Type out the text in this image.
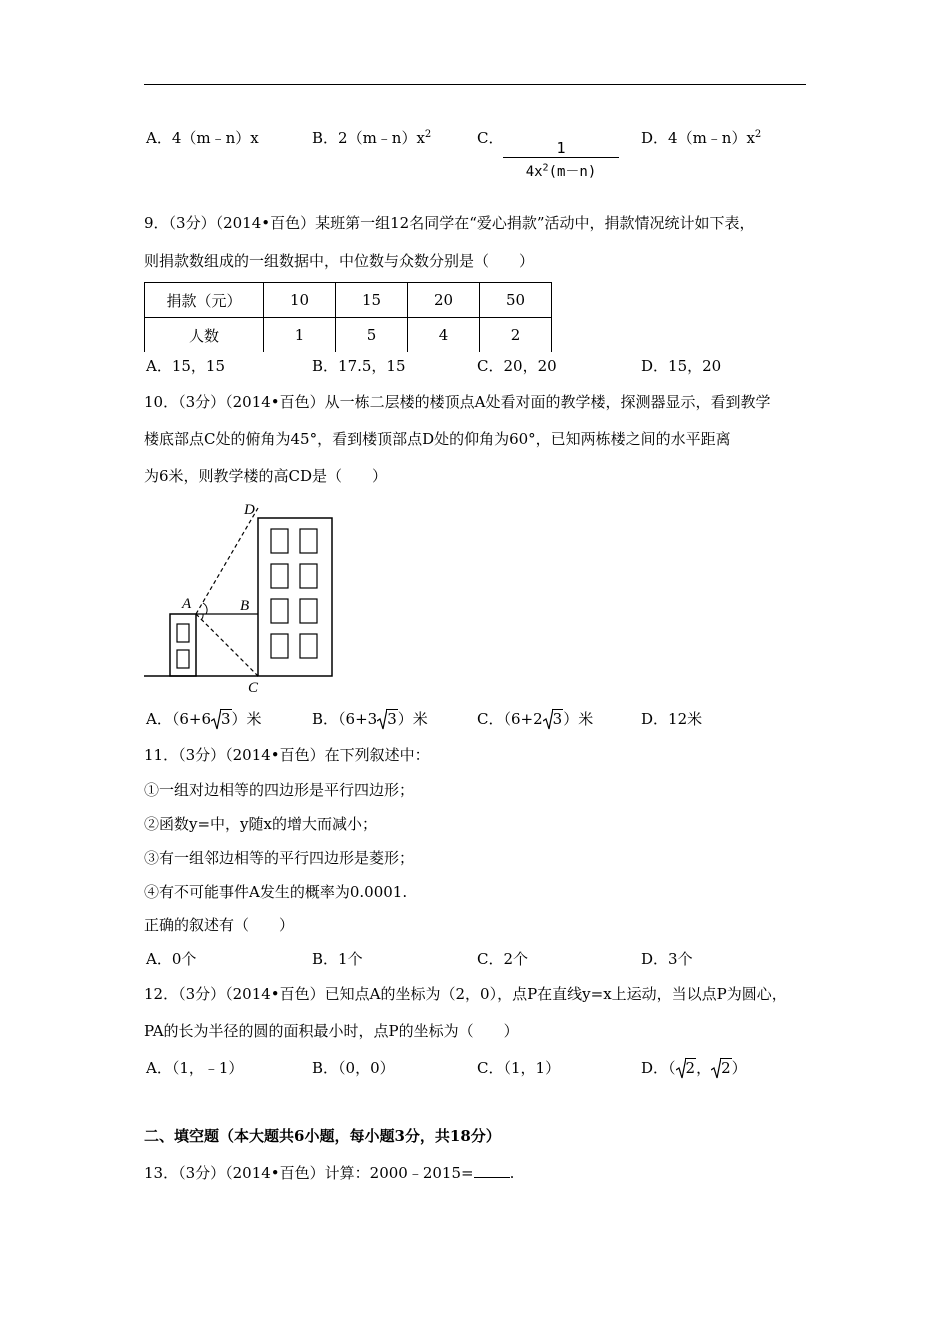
A．4（m﹣n）x	B．$2(m﹣n)x^2$	C．
1
$4x^2(m-n)$
D．$4(m﹣n)x^2$
9．（3分）（2014•百色）某班第一组12名同学在“爱心捐款”活动中，捐款情况统计如下表，
则捐款数组成的一组数据中，中位数与众数分别是（　　）
捐款（元）	10	15	20	50
人数	1	5	4	2
A．15，15	B．17.5，15	C．20，20	D．15，20
10．（3分）（2014•百色）从一栋二层楼的楼顶点A处看对面的教学楼，探测器显示，看到教学
楼底部点C处的俯角为45°，看到楼顶部点D处的仰角为60°，已知两栋楼之间的水平距离
为6米，则教学楼的高CD是（　　）
D
A	B
C
A．（6+6 3）米	B．（6+3 3）米	C．（6+2 3）米	D．12米
11．（3分）（2014•百色）在下列叙述中：
①一组对边相等的四边形是平行四边形；
②函数y=中，y随x的增大而减小；
③有一组邻边相等的平行四边形是菱形；
④有不可能事件A发生的概率为0.0001.
正确的叙述有（　　）
A．0个	B．1个	C．2个	D．3个
12．（3分）（2014•百色）已知点A的坐标为（2，0），点P在直线y=x上运动，当以点P为圆心，
PA的长为半径的圆的面积最小时，点P的坐标为（　　）
A．（1，﹣1）	B．（0，0）	C．（1，1）	D．（ 2， 2）
二、填空题（本大题共6小题，每小题3分，共18分）
13．（3分）（2014•百色）计算：2000﹣2015= .
